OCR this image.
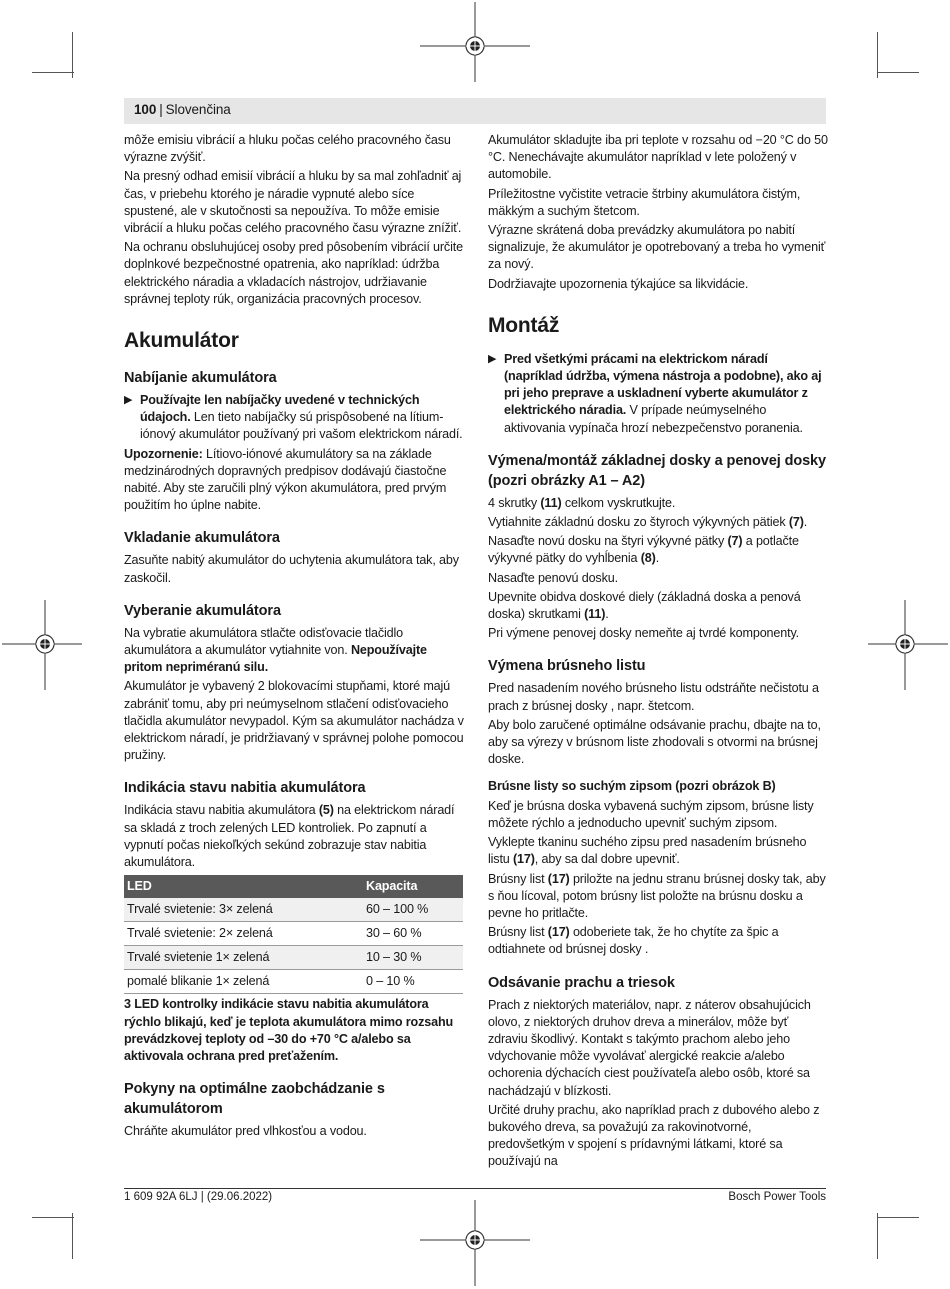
100 | Slovenčina

môže emisiu vibrácií a hluku počas celého pracovného času výrazne zvýšiť.

Na presný odhad emisií vibrácií a hluku by sa mal zohľadniť aj čas, v priebehu ktorého je náradie vypnuté alebo síce spustené, ale v skutočnosti sa nepoužíva. To môže emisie vibrácií a hluku počas celého pracovného času výrazne znížiť.

Na ochranu obsluhujúcej osoby pred pôsobením vibrácií určite doplnkové bezpečnostné opatrenia, ako napríklad: údržba elektrického náradia a vkladacích nástrojov, udržiavanie správnej teploty rúk, organizácia pracovných procesov.

Akumulátor
Nabíjanie akumulátora
▶ Používajte len nabíjačky uvedené v technických údajoch. Len tieto nabíjačky sú prispôsobené na lítium-iónový akumulátor používaný pri vašom elektrickom náradí.

Upozornenie: Lítiovo-iónové akumulátory sa na základe medzinárodných dopravných predpisov dodávajú čiastočne nabité. Aby ste zaručili plný výkon akumulátora, pred prvým použitím ho úplne nabite.

Vkladanie akumulátora

Zasuňte nabitý akumulátor do uchytenia akumulátora tak, aby zaskočil.

Vyberanie akumulátora

Na vybratie akumulátora stlačte odisťovacie tlačidlo akumulátora a akumulátor vytiahnite von. Nepoužívajte pritom nepriméranú silu.

Akumulátor je vybavený 2 blokovacími stupňami, ktoré majú zabrániť tomu, aby pri neúmyselnom stlačení odisťovacieho tlačidla akumulátor nevypadol. Kým sa akumulátor nachádza v elektrickom náradí, je pridržiavaný v správnej polohe pomocou pružiny.

Indikácia stavu nabitia akumulátora

Indikácia stavu nabitia akumulátora (5) na elektrickom náradí sa skladá z troch zelených LED kontroliek. Po zapnutí a vypnutí počas niekoľkých sekúnd zobrazuje stav nabitia akumulátora.

LED	Kapacita
Trvalé svietenie: 3× zelená	60 – 100 %
Trvalé svietenie: 2× zelená	30 – 60 %
Trvalé svietenie 1× zelená	10 – 30 %
pomalé blikanie 1× zelená	0 – 10 %

3 LED kontrolky indikácie stavu nabitia akumulátora rýchlo blikajú, keď je teplota akumulátora mimo rozsahu prevádzkovej teploty od –30 do +70 °C a/alebo sa aktivovala ochrana pred preťažením.

Pokyny na optimálne zaobchádzanie s akumulátorom

Chráňte akumulátor pred vlhkosťou a vodou.

Akumulátor skladujte iba pri teplote v rozsahu od −20 °C do 50 °C. Nenechávajte akumulátor napríklad v lete položený v automobile.

Príležitostne vyčistite vetracie štrbiny akumulátora čistým, mäkkým a suchým štetcom.

Výrazne skrátená doba prevádzky akumulátora po nabití signalizuje, že akumulátor je opotrebovaný a treba ho vymeniť za nový.

Dodržiavajte upozornenia týkajúce sa likvidácie.

Montáž
▶ Pred všetkými prácami na elektrickom náradí (napríklad údržba, výmena nástroja a podobne), ako aj pri jeho preprave a uskladnení vyberte akumulátor z elektrického náradia. V prípade neúmyselného aktivovania vypínača hrozí nebezpečenstvo poranenia.
Výmena/montáž základnej dosky a penovej dosky (pozri obrázky A1 – A2)

4 skrutky (11) celkom vyskrutkujte.

Vytiahnite základnú dosku zo štyroch výkyvných pätiek (7).

Nasaďte novú dosku na štyri výkyvné pätky (7) a potlačte výkyvné pätky do vyhĺbenia (8).

Nasaďte penovú dosku.

Upevnite obidva doskové diely (základná doska a penová doska) skrutkami (11).

Pri výmene penovej dosky nemeňte aj tvrdé komponenty.

Výmena brúsneho listu

Pred nasadením nového brúsneho listu odstráňte nečistotu a prach z brúsnej dosky , napr. štetcom.

Aby bolo zaručené optimálne odsávanie prachu, dbajte na to, aby sa výrezy v brúsnom liste zhodovali s otvormi na brúsnej doske.

Brúsne listy so suchým zipsom (pozri obrázok B)

Keď je brúsna doska vybavená suchým zipsom, brúsne listy môžete rýchlo a jednoducho upevniť suchým zipsom.

Vyklepte tkaninu suchého zipsu pred nasadením brúsneho listu (17), aby sa dal dobre upevniť.

Brúsny list (17) priložte na jednu stranu brúsnej dosky tak, aby s ňou lícoval, potom brúsny list položte na brúsnu dosku a pevne ho pritlačte.

Brúsny list (17) odoberiete tak, že ho chytíte za špic a odtiahnete od brúsnej dosky .

Odsávanie prachu a triesok

Prach z niektorých materiálov, napr. z náterov obsahujúcich olovo, z niektorých druhov dreva a minerálov, môže byť zdraviu škodlivý. Kontakt s takýmto prachom alebo jeho vdychovanie môže vyvolávať alergické reakcie a/alebo ochorenia dýchacích ciest používateľa alebo osôb, ktoré sa nachádzajú v blízkosti.

Určité druhy prachu, ako napríklad prach z dubového alebo z bukového dreva, sa považujú za rakovinotvorné, predovšetkým v spojení s prídavnými látkami, ktoré sa používajú na

1 609 92A 6LJ | (29.06.2022)	Bosch Power Tools
